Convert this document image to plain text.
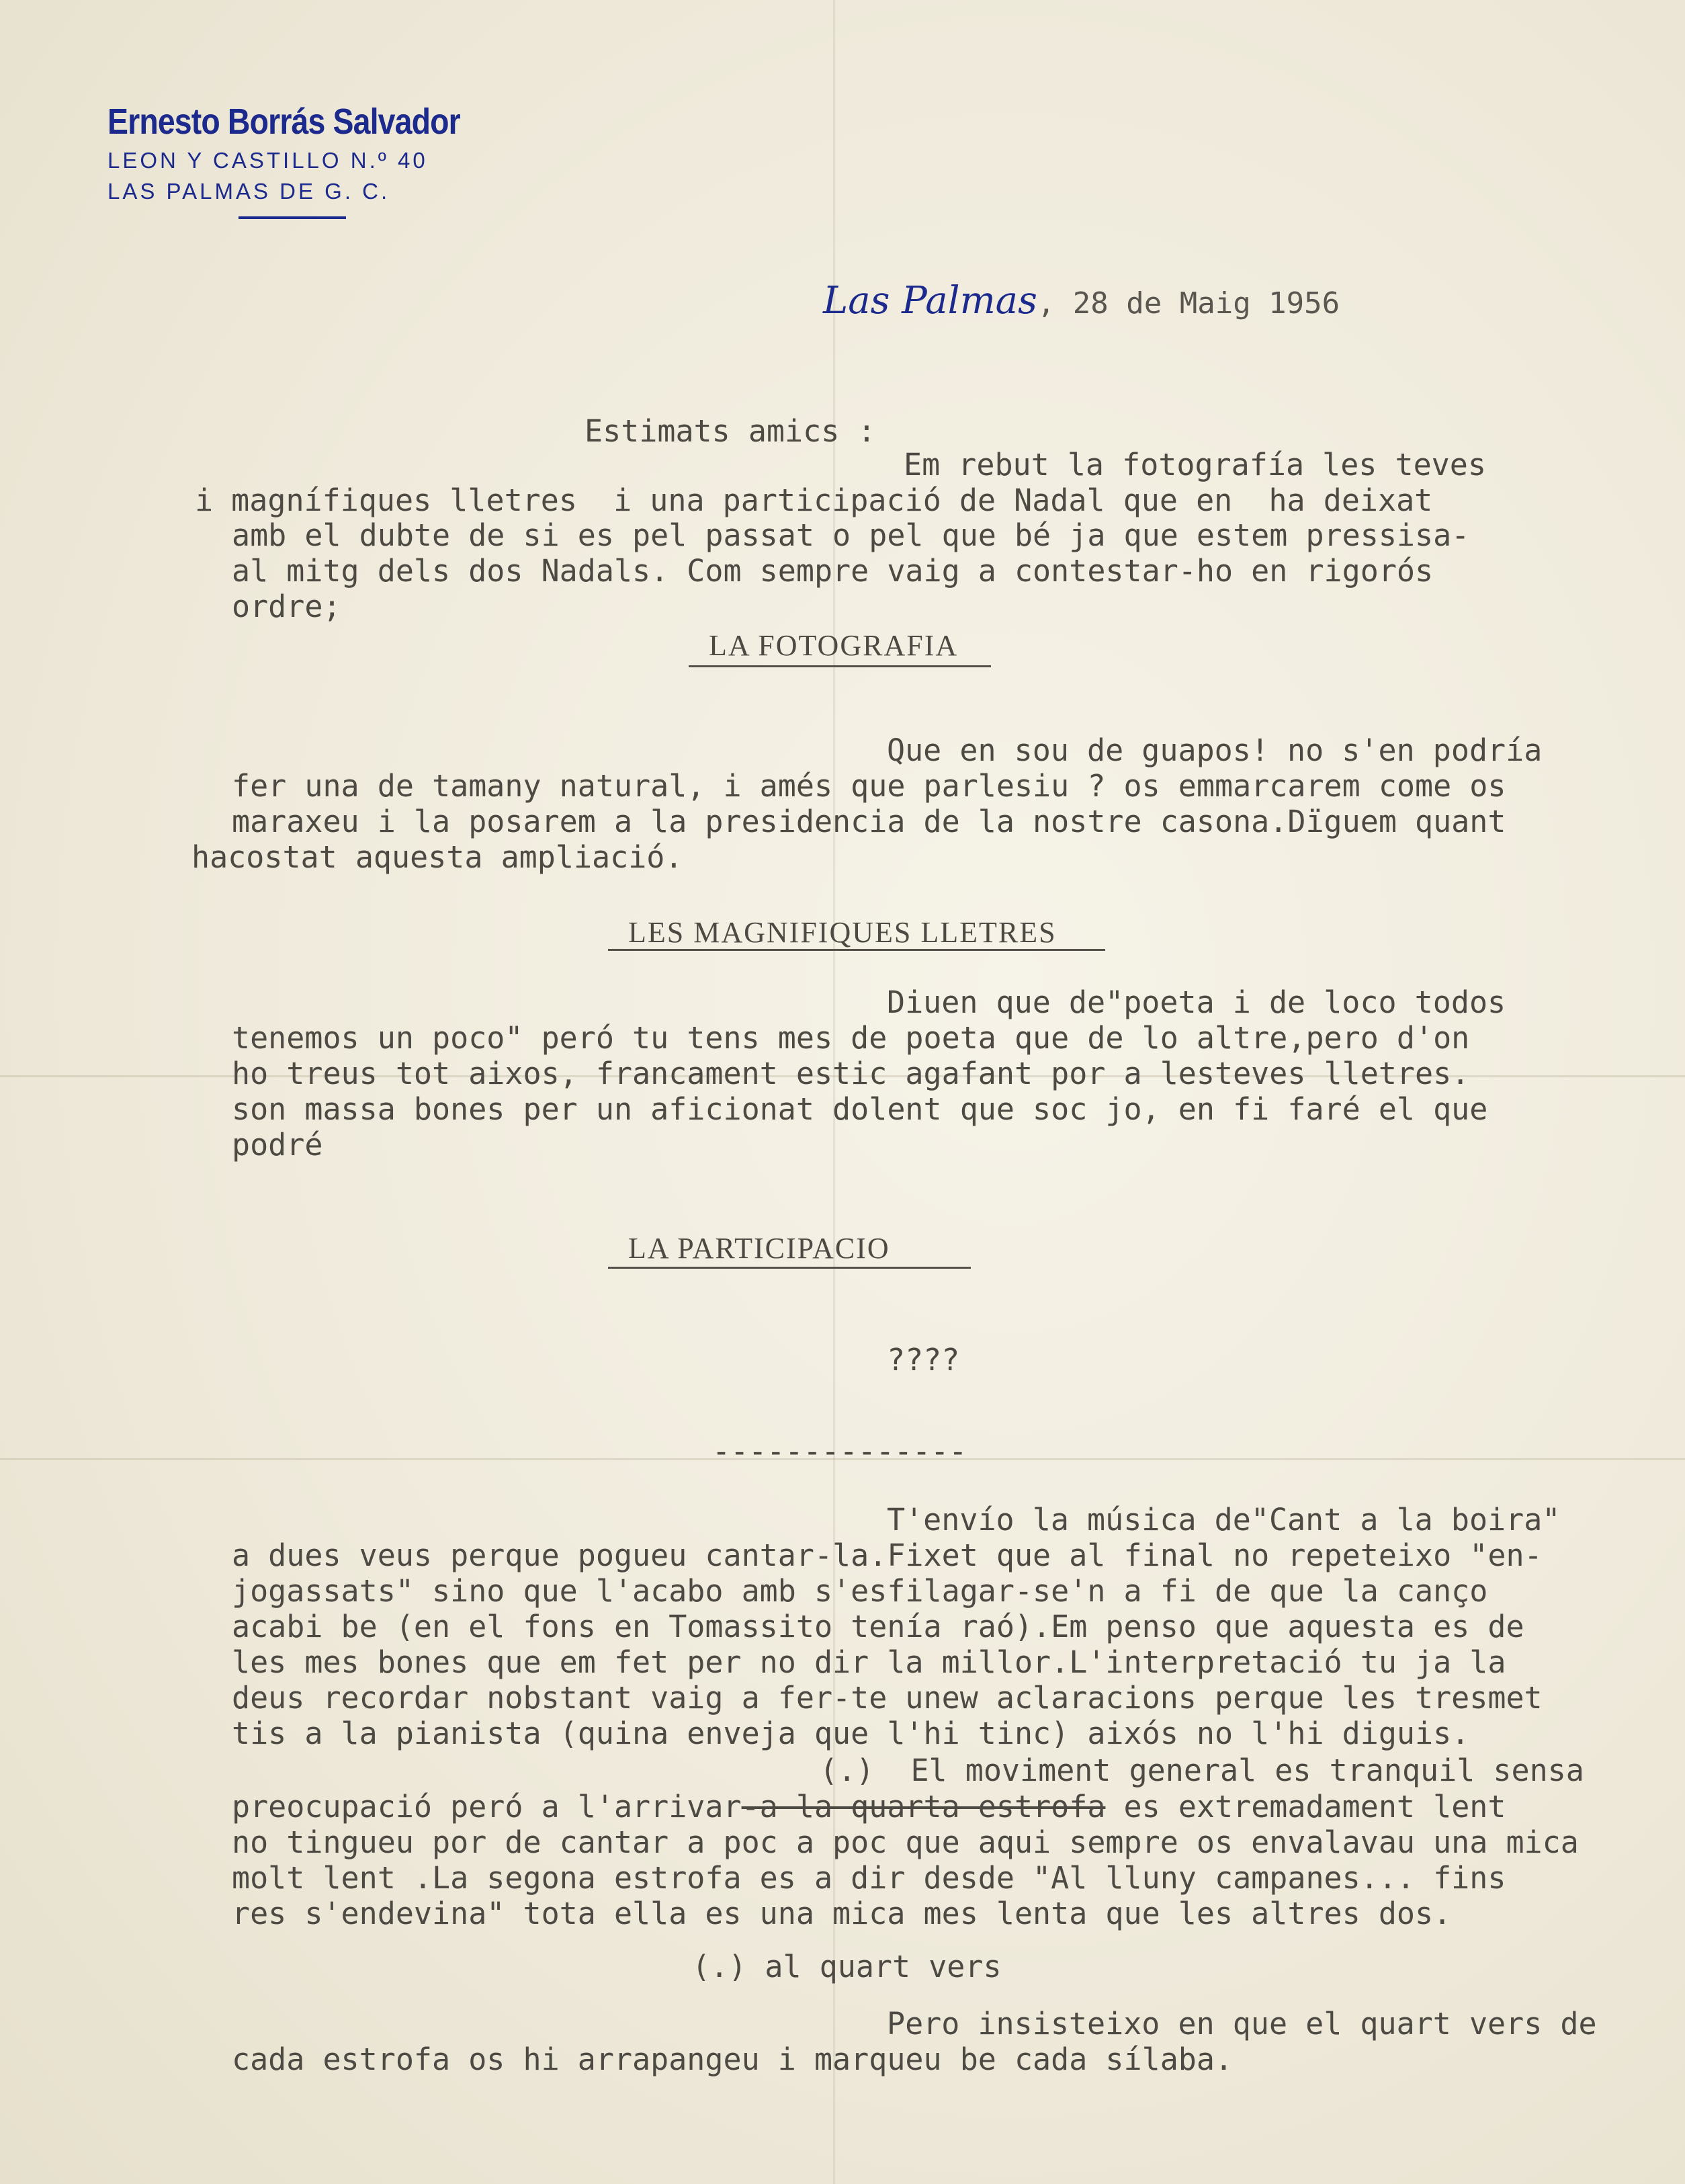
Ernesto Borrás Salvador
LEON Y CASTILLO N.º 40
LAS PALMAS DE G. C.
Las Palmas, 28 de Maig 1956
Estimats amics :
Em rebut la fotografía les teves
i magnífiques lletres  i una participació de Nadal que en  ha deixat
amb el dubte de si es pel passat o pel que bé ja que estem pressisa-
al mitg dels dos Nadals. Com sempre vaig a contestar-ho en rigorós
ordre;
LA FOTOGRAFIA
Que en sou de guapos! no s'en podría
fer una de tamany natural, i amés que parlesiu ? os emmarcarem come os
maraxeu i la posarem a la presidencia de la nostre casona.Dïguem quant
hacostat aquesta ampliació.
LES MAGNIFIQUES LLETRES
Diuen que de"poeta i de loco todos
tenemos un poco" peró tu tens mes de poeta que de lo altre,pero d'on
ho treus tot aixos, francament estic agafant por a lesteves lletres.
son massa bones per un aficionat dolent que soc jo, en fi faré el que
podré
LA PARTICIPACIO
????
--------------
T'envío la música de"Cant a la boira"
a dues veus perque pogueu cantar-la.Fixet que al final no repeteixo "en-
jogassats" sino que l'acabo amb s'esfilagar-se'n a fi de que la canço
acabi be (en el fons en Tomassito tenía raó).Em penso que aquesta es de
les mes bones que em fet per no dir la millor.L'interpretació tu ja la
deus recordar nobstant vaig a fer-te unew aclaracions perque les tresmet
tis a la pianista (quina enveja que l'hi tinc) aixós no l'hi diguis.
(.)  El moviment general es tranquil sensa
preocupació peró a l'arrivar-a la quarta estrofa es extremadament lent
no tingueu por de cantar a poc a poc que aqui sempre os envalavau una mica
molt lent .La segona estrofa es a dir desde "Al lluny campanes... fins
res s'endevina" tota ella es una mica mes lenta que les altres dos.
(.) al quart vers
Pero insisteixo en que el quart vers de
cada estrofa os hi arrapangeu i marqueu be cada sílaba.
